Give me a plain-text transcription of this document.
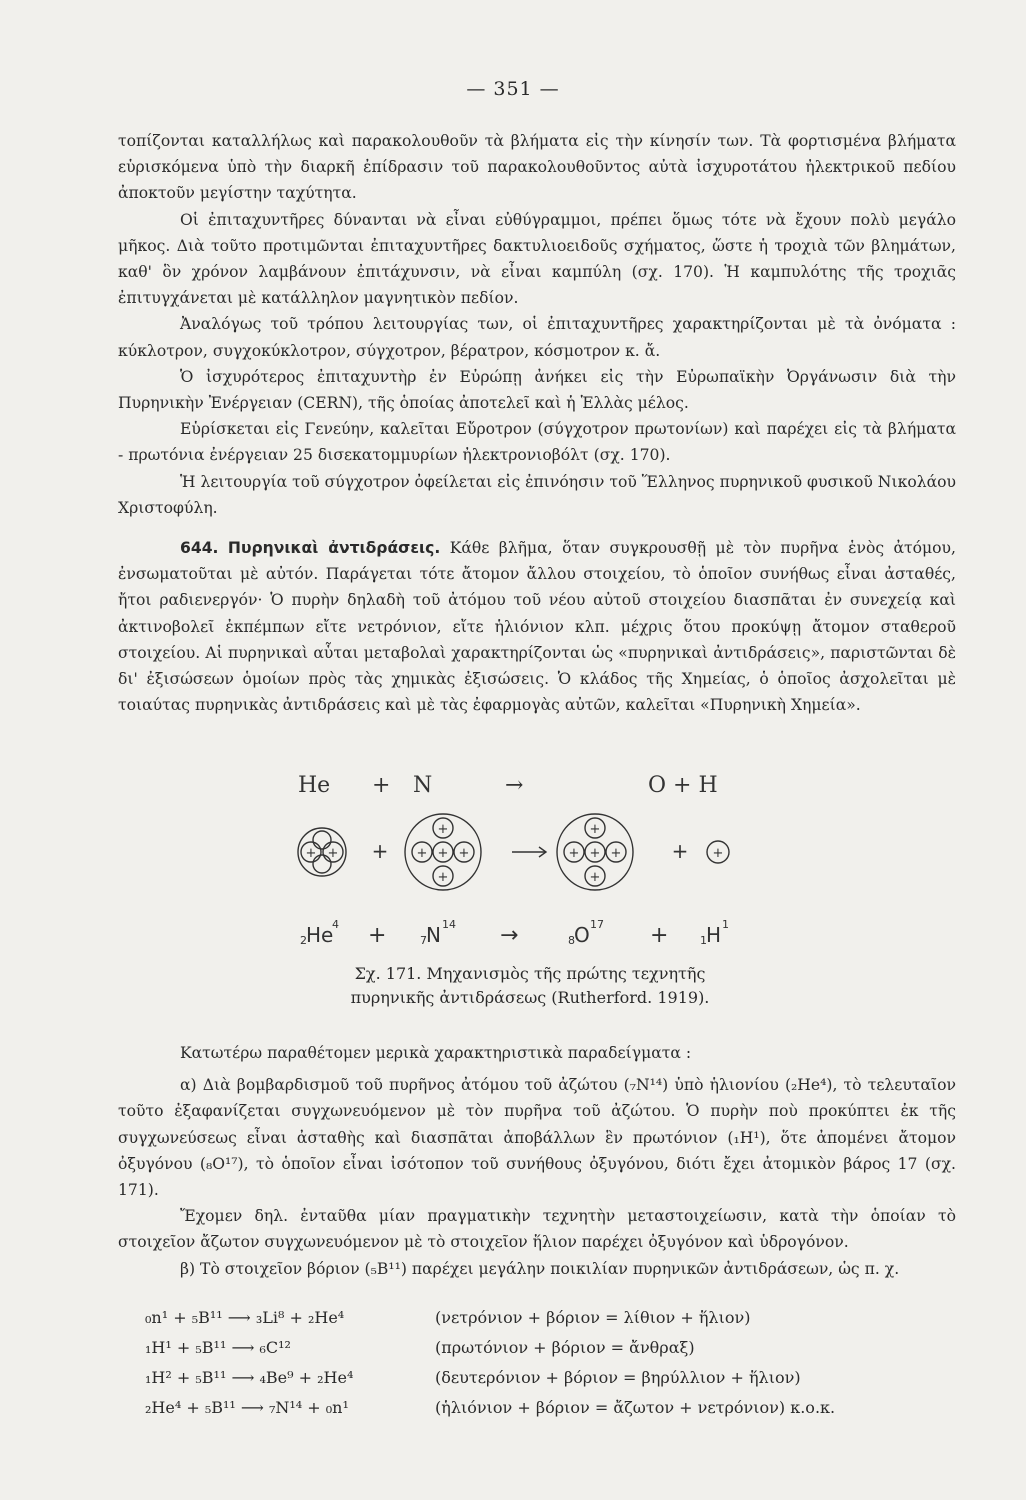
— 351 —

τοπίζονται καταλλήλως καὶ παρακολουθοῦν τὰ βλήματα εἰς τὴν κίνησίν των. Τὰ φορτισμένα βλήματα εὑρισκόμενα ὑπὸ τὴν διαρκῆ ἐπίδρασιν τοῦ παρακολουθοῦντος αὐτὰ ἰσχυροτάτου ἠλεκτρικοῦ πεδίου ἀποκτοῦν μεγίστην ταχύτητα.

Οἱ ἐπιταχυντῆρες δύνανται νὰ εἶναι εὐθύγραμμοι, πρέπει ὅμως τότε νὰ ἔχουν πολὺ μεγάλο μῆκος. Διὰ τοῦτο προτιμῶνται ἐπιταχυντῆρες δακτυλιοειδοῦς σχήματος, ὥστε ἡ τροχιὰ τῶν βλημάτων, καθ' ὃν χρόνον λαμβάνουν ἐπιτάχυνσιν, νὰ εἶναι καμπύλη (σχ. 170). Ἡ καμπυλότης τῆς τροχιᾶς ἐπιτυγχάνεται μὲ κατάλληλον μαγνητικὸν πεδίον.

Ἀναλόγως τοῦ τρόπου λειτουργίας των, οἱ ἐπιταχυντῆρες χαρακτηρίζονται μὲ τὰ ὀνόματα : κύκλοτρον, συγχοκύκλοτρον, σύγχοτρον, βέρατρον, κόσμοτρον κ. ἄ.

Ὁ ἰσχυρότερος ἐπιταχυντὴρ ἐν Εὐρώπῃ ἀνήκει εἰς τὴν Εὐρωπαϊκὴν Ὀργάνωσιν διὰ τὴν Πυρηνικὴν Ἐνέργειαν (CERN), τῆς ὁποίας ἀποτελεῖ καὶ ἡ Ἑλλὰς μέλος.

Εὑρίσκεται εἰς Γενεύην, καλεῖται Εὔροτρον (σύγχοτρον πρωτονίων) καὶ παρέχει εἰς τὰ βλήματα - πρωτόνια ἐνέργειαν 25 δισεκατομμυρίων ἠλεκτρονιοβόλτ (σχ. 170).

Ἡ λειτουργία τοῦ σύγχοτρον ὀφείλεται εἰς ἐπινόησιν τοῦ Ἕλληνος πυρηνικοῦ φυσικοῦ Νικολάου Χριστοφύλη.

644. Πυρηνικαὶ ἀντιδράσεις. Κάθε βλῆμα, ὅταν συγκρουσθῇ μὲ τὸν πυρῆνα ἑνὸς ἀτόμου, ἐνσωματοῦται μὲ αὐτόν. Παράγεται τότε ἄτομον ἄλλου στοιχείου, τὸ ὁποῖον συνήθως εἶναι ἀσταθές, ἤτοι ραδιενεργόν· Ὁ πυρὴν δηλαδὴ τοῦ ἀτόμου τοῦ νέου αὐτοῦ στοιχείου διασπᾶται ἐν συνεχείᾳ καὶ ἀκτινοβολεῖ ἐκπέμπων εἴτε νετρόνιον, εἴτε ἡλιόνιον κλπ. μέχρις ὅτου προκύψῃ ἄτομον σταθεροῦ στοιχείου. Αἱ πυρηνικαὶ αὗται μεταβολαὶ χαρακτηρίζονται ὡς «πυρηνικαὶ ἀντιδράσεις», παριστῶνται δὲ δι' ἐξισώσεων ὁμοίων πρὸς τὰς χημικὰς ἐξισώσεις. Ὁ κλάδος τῆς Χημείας, ὁ ὁποῖος ἀσχολεῖται μὲ τοιαύτας πυρηνικὰς ἀντιδράσεις καὶ μὲ τὰς ἐφαρμογὰς αὐτῶν, καλεῖται «Πυρηνικὴ Χημεία».

He + N	→	O + H
+ +
+
+
+ + +
+
+
+ + +	+
+	+
2 He
4 +	7 N 14 →	8 O 17 +	1 H 1
Σχ. 171. Μηχανισμὸς τῆς πρώτης τεχνητῆς
πυρηνικῆς ἀντιδράσεως (Rutherford. 1919).

Κατωτέρω παραθέτομεν μερικὰ χαρακτηριστικὰ παραδείγματα :

α) Διὰ βομβαρδισμοῦ τοῦ πυρῆνος ἀτόμου τοῦ ἀζώτου (₇N¹⁴) ὑπὸ ἡλιονίου (₂He⁴), τὸ τελευταῖον τοῦτο ἐξαφανίζεται συγχωνευόμενον μὲ τὸν πυρῆνα τοῦ ἀζώτου. Ὁ πυρὴν ποὺ προκύπτει ἐκ τῆς συγχωνεύσεως εἶναι ἀσταθὴς καὶ διασπᾶται ἀποβάλλων ἓν πρωτόνιον (₁H¹), ὅτε ἀπομένει ἄτομον ὀξυγόνου (₈O¹⁷), τὸ ὁποῖον εἶναι ἰσότοπον τοῦ συνήθους ὀξυγόνου, διότι ἔχει ἀτομικὸν βάρος 17 (σχ. 171).

Ἔχομεν δηλ. ἐνταῦθα μίαν πραγματικὴν τεχνητὴν μεταστοιχείωσιν, κατὰ τὴν ὁποίαν τὸ στοιχεῖον ἄζωτον συγχωνευόμενον μὲ τὸ στοιχεῖον ἥλιον παρέχει ὀξυγόνον καὶ ὑδρογόνον.

β) Τὸ στοιχεῖον βόριον (₅B¹¹) παρέχει μεγάλην ποικιλίαν πυρηνικῶν ἀντιδράσεων, ὡς π. χ.

₀n¹ + ₅B¹¹ ⟶ ₃Li⁸ + ₂He⁴	(νετρόνιον + βόριον = λίθιον + ἥλιον)
₁H¹ + ₅B¹¹ ⟶ ₆C¹²	(πρωτόνιον + βόριον = ἄνθραξ)
₁H² + ₅B¹¹ ⟶ ₄Be⁹ + ₂He⁴	(δευτερόνιον + βόριον = βηρύλλιον + ἥλιον)
₂He⁴ + ₅B¹¹ ⟶ ₇N¹⁴ + ₀n¹	(ἡλιόνιον + βόριον = ἄζωτον + νετρόνιον) κ.ο.κ.
